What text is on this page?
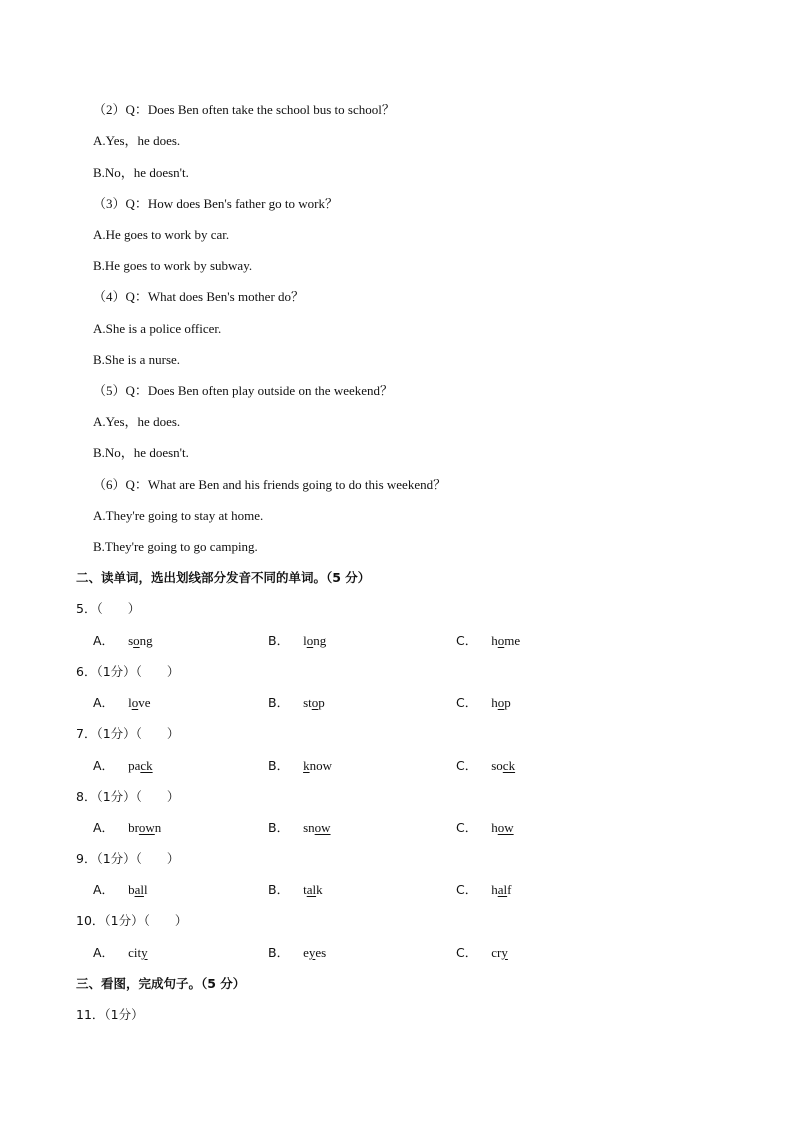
（2）Q：Does Ben often take the school bus to school？
A.Yes，he does.
B.No，he doesn't.
（3）Q：How does Ben's father go to work？
A.He goes to work by car.
B.He goes to work by subway.
（4）Q：What does Ben's mother do？
A.She is a police officer.
B.She is a nurse.
（5）Q：Does Ben often play outside on the weekend？
A.Yes，he does.
B.No，he doesn't.
（6）Q：What are Ben and his friends going to do this weekend？
A.They're going to stay at home.
B.They're going to go camping.
二、读单词，选出划线部分发音不同的单词。（5 分）
5．（　　）
A． song	B． long	C． home
6．（1分）（　　）
A． love	B． stop	C． hop
7．（1分）（　　）
A． pack	B． know	C． sock
8．（1分）（　　）
A． brown	B． snow	C． how
9．（1分）（　　）
A． ball	B． talk	C． half
10．（1分）（　　）
A． city	B． eyes	C． cry
三、看图，完成句子。（5 分）
11．（1分）
